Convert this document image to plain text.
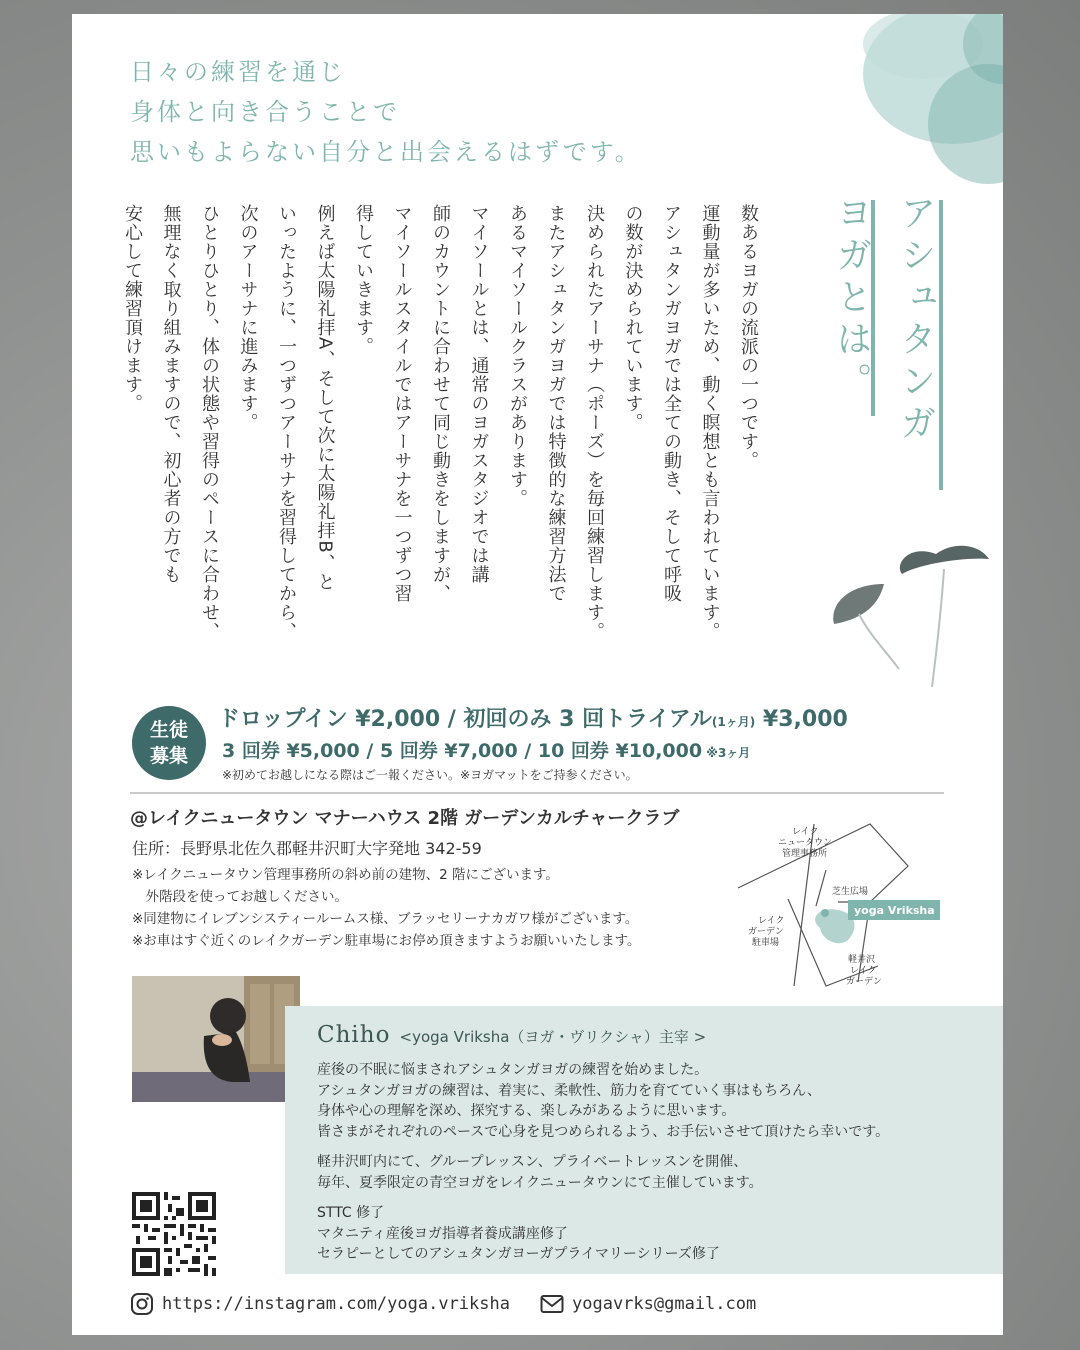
日々の練習を通じ
身体と向き合うことで
思いもよらない自分と出会えるはずです。
アシュタンガ
ヨガとは。

数あるヨガの流派の一つです。

運動量が多いため、動く瞑想とも言われています。

アシュタンガヨガでは全ての動き、そして呼吸

の数が決められています。

決められたアーサナ（ポーズ）を毎回練習します。

またアシュタンガヨガでは特徴的な練習方法で

あるマイソールクラスがあります。

マイソールとは、通常のヨガスタジオでは講

師のカウントに合わせて同じ動きをしますが、

マイソールスタイルではアーサナを一つずつ習

得していきます。

例えば太陽礼拝A、そして次に太陽礼拝B、と

いったように、一つずつアーサナを習得してから、

次のアーサナに進みます。

ひとりひとり、体の状態や習得のペースに合わせ、

無理なく取り組みますので、初心者の方でも

安心して練習頂けます。

生徒
募集
ドロップイン ¥2,000 / 初回のみ 3 回トライアル(1ヶ月) ¥3,000
3 回券 ¥5,000 / 5 回券 ¥7,000 / 10 回券 ¥10,000 ※3ヶ月
※初めてお越しになる際はご一報ください。※ヨガマットをご持参ください。
@レイクニュータウン マナーハウス 2階 ガーデンカルチャークラブ
住所：長野県北佐久郡軽井沢町大字発地 342-59
※レイクニュータウン管理事務所の斜め前の建物、2 階にございます。
　外階段を使ってお越しください。
※同建物にイレブンシスティールームス様、ブラッセリーナカガワ様がございます。
※お車はすぐ近くのレイクガーデン駐車場にお停め頂きますようお願いいたします。
yoga Vriksha
レイク ニュータウン 管理事務所
芝生広場
レイク ガーデン 駐車場
軽井沢 レイク ガーデン
Chiho <yoga Vriksha（ヨガ・ヴリクシャ）主宰 >

産後の不眠に悩まされアシュタンガヨガの練習を始めました。
アシュタンガヨガの練習は、着実に、柔軟性、筋力を育てていく事はもちろん、
身体や心の理解を深め、探究する、楽しみがあるように思います。
皆さまがそれぞれのペースで心身を見つめられるよう、お手伝いさせて頂けたら幸いです。

軽井沢町内にて、グループレッスン、プライベートレッスンを開催、
毎年、夏季限定の青空ヨガをレイクニュータウンにて主催しています。

STTC 修了
マタニティ産後ヨガ指導者養成講座修了
セラピーとしてのアシュタンガヨーガプライマリーシリーズ修了

https://instagram.com/yoga.vriksha	yogavrks@gmail.com
